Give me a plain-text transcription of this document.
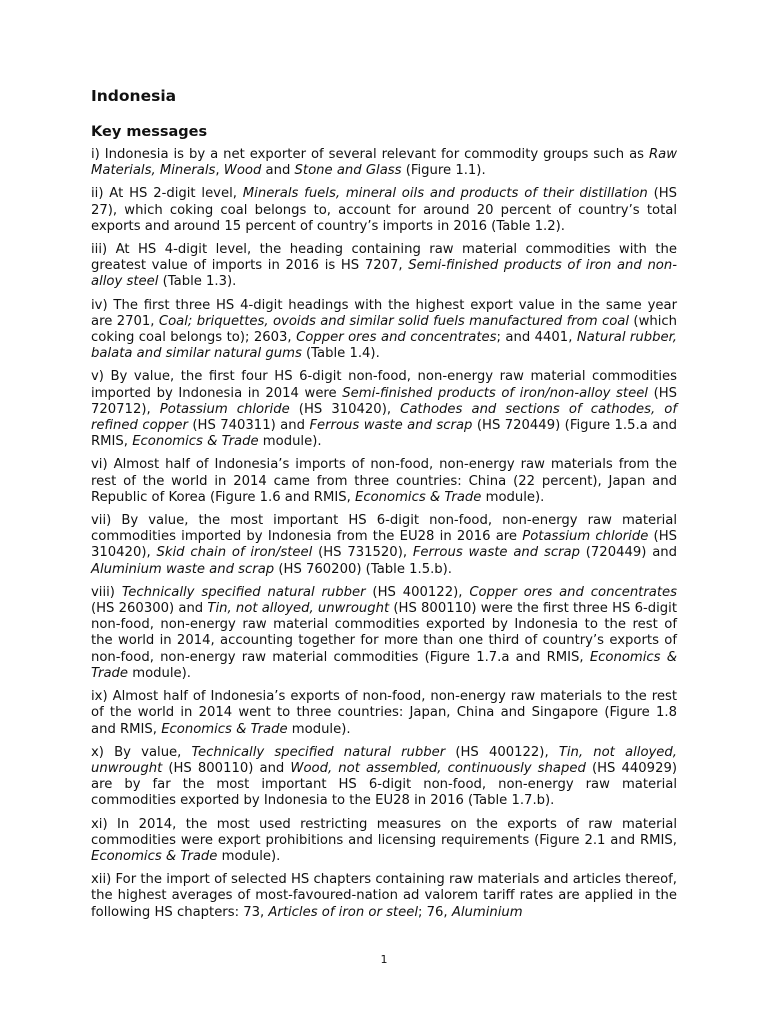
Indonesia
Key messages

i) Indonesia is by a net exporter of several relevant for commodity groups such as Raw Materials, Minerals, Wood and Stone and Glass (Figure 1.1).

ii) At HS 2-digit level, Minerals fuels, mineral oils and products of their distillation (HS 27), which coking coal belongs to, account for around 20 percent of country’s total exports and around 15 percent of country’s imports in 2016 (Table 1.2).

iii) At HS 4-digit level, the heading containing raw material commodities with the greatest value of imports in 2016 is HS 7207, Semi-finished products of iron and non-alloy steel (Table 1.3).

iv) The first three HS 4-digit headings with the highest export value in the same year are 2701, Coal; briquettes, ovoids and similar solid fuels manufactured from coal (which coking coal belongs to); 2603, Copper ores and concentrates; and 4401, Natural rubber, balata and similar natural gums (Table 1.4).

v) By value, the first four HS 6-digit non-food, non-energy raw material commodities imported by Indonesia in 2014 were Semi-finished products of iron/non-alloy steel (HS 720712), Potassium chloride (HS 310420), Cathodes and sections of cathodes, of refined copper (HS 740311) and Ferrous waste and scrap (HS 720449) (Figure 1.5.a and RMIS, Economics & Trade module).

vi) Almost half of Indonesia’s imports of non-food, non-energy raw materials from the rest of the world in 2014 came from three countries: China (22 percent), Japan and Republic of Korea (Figure 1.6 and RMIS, Economics & Trade module).

vii) By value, the most important HS 6-digit non-food, non-energy raw material commodities imported by Indonesia from the EU28 in 2016 are Potassium chloride (HS 310420), Skid chain of iron/steel (HS 731520), Ferrous waste and scrap (720449) and Aluminium waste and scrap (HS 760200) (Table 1.5.b).

viii) Technically specified natural rubber (HS 400122), Copper ores and concentrates (HS 260300) and Tin, not alloyed, unwrought (HS 800110) were the first three HS 6-digit non-food, non-energy raw material commodities exported by Indonesia to the rest of the world in 2014, accounting together for more than one third of country’s exports of non-food, non-energy raw material commodities (Figure 1.7.a and RMIS, Economics & Trade module).

ix) Almost half of Indonesia’s exports of non-food, non-energy raw materials to the rest of the world in 2014 went to three countries: Japan, China and Singapore (Figure 1.8 and RMIS, Economics & Trade module).

x) By value, Technically specified natural rubber (HS 400122), Tin, not alloyed, unwrought (HS 800110) and Wood, not assembled, continuously shaped (HS 440929) are by far the most important HS 6-digit non-food, non-energy raw material commodities exported by Indonesia to the EU28 in 2016 (Table 1.7.b).

xi) In 2014, the most used restricting measures on the exports of raw material commodities were export prohibitions and licensing requirements (Figure 2.1 and RMIS, Economics & Trade module).

xii) For the import of selected HS chapters containing raw materials and articles thereof, the highest averages of most-favoured-nation ad valorem tariff rates are applied in the following HS chapters: 73, Articles of iron or steel; 76, Aluminium

1
